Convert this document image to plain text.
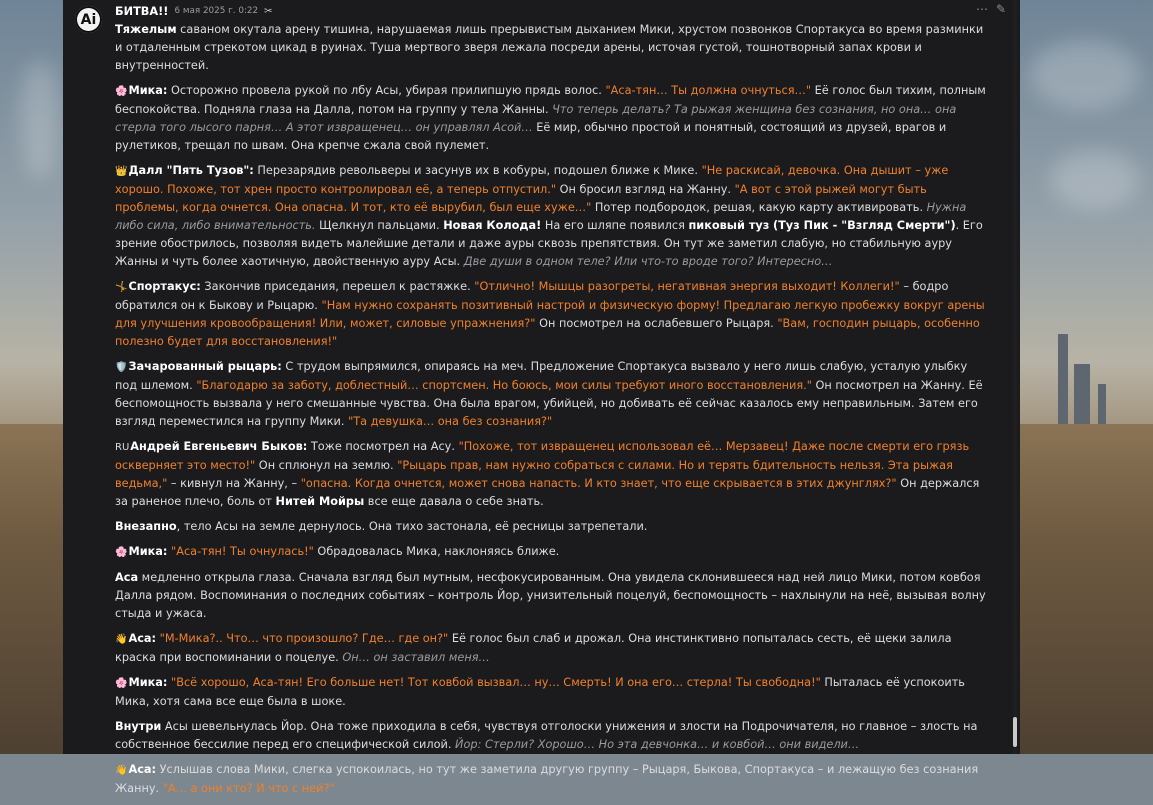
Ai
БИТВА!! 6 мая 2025 г. 0:22 ✂	⋯ ✎

Тяжелым саваном окутала арену тишина, нарушаемая лишь прерывистым дыханием Мики, хрустом позвонков Спортакуса во время разминки и отдаленным стрекотом цикад в руинах. Туша мертвого зверя лежала посреди арены, источая густой, тошнотворный запах крови и внутренностей.

🌸Мика: Осторожно провела рукой по лбу Асы, убирая прилипшую прядь волос. "Аса-тян… Ты должна очнуться…" Её голос был тихим, полным беспокойства. Подняла глаза на Далла, потом на группу у тела Жанны. Что теперь делать? Та рыжая женщина без сознания, но она… она стерла того лысого парня… А этот извращенец… он управлял Асой… Её мир, обычно простой и понятный, состоящий из друзей, врагов и рулетиков, трещал по швам. Она крепче сжала свой пулемет.

👑Далл "Пять Тузов": Перезарядив револьверы и засунув их в кобуры, подошел ближе к Мике. "Не раскисай, девочка. Она дышит – уже хорошо. Похоже, тот хрен просто контролировал её, а теперь отпустил." Он бросил взгляд на Жанну. "А вот с этой рыжей могут быть проблемы, когда очнется. Она опасна. И тот, кто её вырубил, был еще хуже…" Потер подбородок, решая, какую карту активировать. Нужна либо сила, либо внимательность. Щелкнул пальцами. Новая Колода! На его шляпе появился пиковый туз (Туз Пик - "Взгляд Смерти"). Его зрение обострилось, позволяя видеть малейшие детали и даже ауры сквозь препятствия. Он тут же заметил слабую, но стабильную ауру Жанны и чуть более хаотичную, двойственную ауру Асы. Две души в одном теле? Или что-то вроде того? Интересно…

🤸Спортакус: Закончив приседания, перешел к растяжке. "Отлично! Мышцы разогреты, негативная энергия выходит! Коллеги!" – бодро обратился он к Быкову и Рыцарю. "Нам нужно сохранять позитивный настрой и физическую форму! Предлагаю легкую пробежку вокруг арены для улучшения кровообращения! Или, может, силовые упражнения?" Он посмотрел на ослабевшего Рыцаря. "Вам, господин рыцарь, особенно полезно будет для восстановления!"

🛡️Зачарованный рыцарь: С трудом выпрямился, опираясь на меч. Предложение Спортакуса вызвало у него лишь слабую, усталую улыбку под шлемом. "Благодарю за заботу, доблестный… спортсмен. Но боюсь, мои силы требуют иного восстановления." Он посмотрел на Жанну. Её беспомощность вызвала у него смешанные чувства. Она была врагом, убийцей, но добивать её сейчас казалось ему неправильным. Затем его взгляд переместился на группу Мики. "Та девушка… она без сознания?"

RUАндрей Евгеньевич Быков: Тоже посмотрел на Асу. "Похоже, тот извращенец использовал её… Мерзавец! Даже после смерти его грязь оскверняет это место!" Он сплюнул на землю. "Рыцарь прав, нам нужно собраться с силами. Но и терять бдительность нельзя. Эта рыжая ведьма," – кивнул на Жанну, – "опасна. Когда очнется, может снова напасть. И кто знает, что еще скрывается в этих джунглях?" Он держался за раненое плечо, боль от Нитей Мойры все еще давала о себе знать.

Внезапно, тело Асы на земле дернулось. Она тихо застонала, её ресницы затрепетали.

🌸Мика: "Аса-тян! Ты очнулась!" Обрадовалась Мика, наклоняясь ближе.

Аса медленно открыла глаза. Сначала взгляд был мутным, несфокусированным. Она увидела склонившееся над ней лицо Мики, потом ковбоя Далла рядом. Воспоминания о последних событиях – контроль Йор, унизительный поцелуй, беспомощность – нахлынули на неё, вызывая волну стыда и ужаса.

👋Аса: "М-Мика?.. Что… что произошло? Где… где он?" Её голос был слаб и дрожал. Она инстинктивно попыталась сесть, её щеки залила краска при воспоминании о поцелуе. Он… он заставил меня…

🌸Мика: "Всё хорошо, Аса-тян! Его больше нет! Тот ковбой вызвал… ну… Смерть! И она его… стерла! Ты свободна!" Пыталась её успокоить Мика, хотя сама все еще была в шоке.

Внутри Асы шевельнулась Йор. Она тоже приходила в себя, чувствуя отголоски унижения и злости на Подрочичателя, но главное – злость на собственное бессилие перед его специфической силой. Йор: Стерли? Хорошо… Но эта девчонка… и ковбой… они видели…

👋Аса: Услышав слова Мики, слегка успокоилась, но тут же заметила другую группу – Рыцаря, Быкова, Спортакуса – и лежащую без сознания Жанну. "А… а они кто? И что с ней?"
